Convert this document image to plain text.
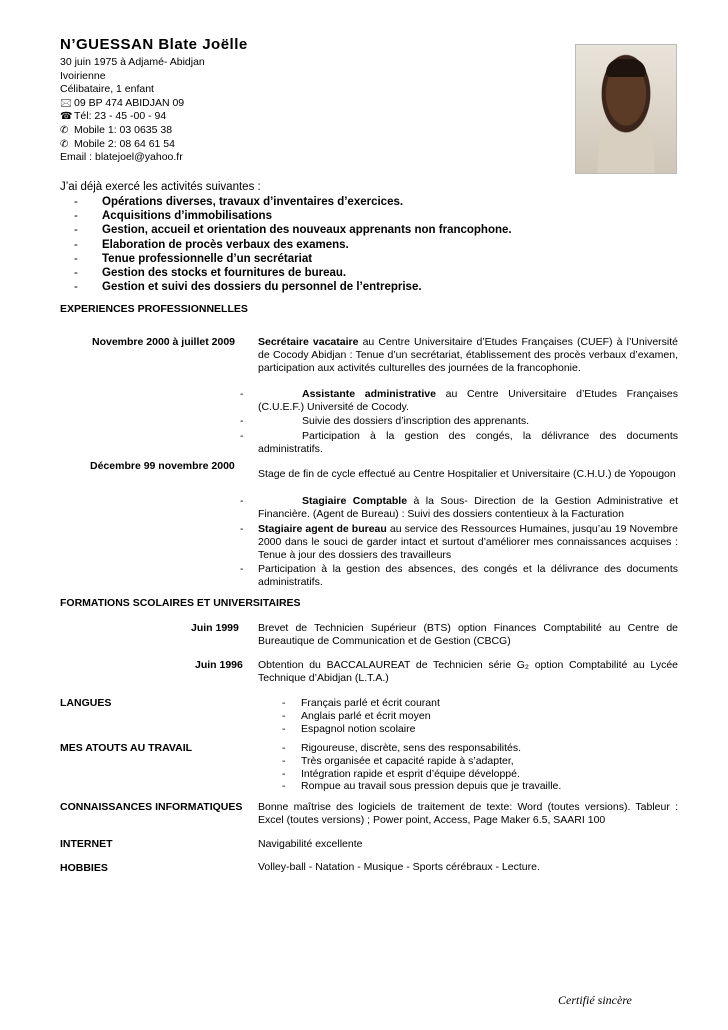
N’GUESSAN Blate Joëlle
30 juin 1975 à Adjamé- Abidjan
Ivoirienne
Célibataire, 1 enfant
🖂 09 BP 474 ABIDJAN 09
☎ Tél: 23 - 45 -00 - 94
✆ Mobile 1: 03 0635 38
✆ Mobile 2: 08 64 61 54
Email : blatejoel@yahoo.fr
J’ai déjà exercé les activités suivantes :
- Opérations diverses, travaux d’inventaires d’exercices.
- Acquisitions d’immobilisations
- Gestion, accueil et orientation des nouveaux apprenants non francophone.
- Elaboration de procès verbaux des examens.
- Tenue professionnelle d’un secrétariat
- Gestion des stocks et fournitures de bureau.
- Gestion et suivi des dossiers du personnel de l’entreprise.
EXPERIENCES PROFESSIONNELLES
Novembre 2000 à juillet 2009 Secrétaire vacataire au Centre Universitaire d’Etudes Françaises (CUEF) à l’Université de Cocody Abidjan : Tenue d’un secrétariat, établissement des procès verbaux d’examen, participation aux activités culturelles des journées de la francophonie.
- Assistante administrative au Centre Universitaire d’Etudes Françaises (C.U.E.F.) Université de Cocody.
- Suivie des dossiers d’inscription des apprenants.
- Participation à la gestion des congés, la délivrance des documents administratifs.
Décembre 99 novembre 2000
Stage de fin de cycle effectué au Centre Hospitalier et Universitaire (C.H.U.) de Yopougon
- Stagiaire Comptable à la Sous- Direction de la Gestion Administrative et Financière. (Agent de Bureau) : Suivi des dossiers contentieux à la Facturation
- Stagiaire agent de bureau au service des Ressources Humaines, jusqu’au 19 Novembre 2000 dans le souci de garder intact et surtout d’améliorer mes connaissances acquises : Tenue à jour des dossiers des travailleurs
- Participation à la gestion des absences, des congés et la délivrance des documents administratifs.
FORMATIONS SCOLAIRES ET UNIVERSITAIRES
Juin 1999 Brevet de Technicien Supérieur (BTS) option Finances Comptabilité au Centre de Bureautique de Communication et de Gestion (CBCG)
Juin 1996 Obtention du BACCALAUREAT de Technicien série G₂ option Comptabilité au Lycée Technique d’Abidjan (L.T.A.)
LANGUES	- Français parlé et écrit courant
- Anglais parlé et écrit moyen
- Espagnol notion scolaire
MES ATOUTS AU TRAVAIL	- Rigoureuse, discrète, sens des responsabilités.
- Très organisée et capacité rapide à s’adapter,
- Intégration rapide et esprit d’équipe développé.
- Rompue au travail sous pression depuis que je travaille.
CONNAISSANCES INFORMATIQUES Bonne maîtrise des logiciels de traitement de texte: Word (toutes versions). Tableur : Excel (toutes versions) ; Power point, Access, Page Maker 6.5, SAARI 100
INTERNET	Navigabilité excellente
HOBBIES	Volley-ball - Natation - Musique - Sports cérébraux - Lecture.
Certifié sincère
